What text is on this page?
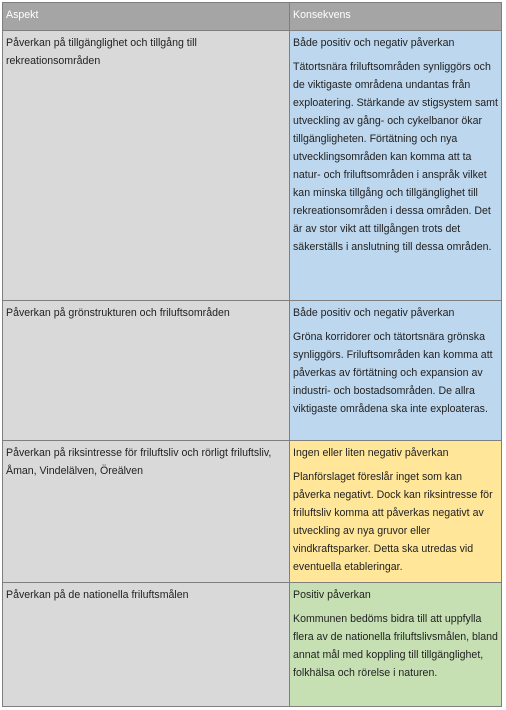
Aspekt	Konsekvens
Påverkan på tillgänglighet och tillgång till rekreationsområden	Både positiv och negativ påverkan
Tätortsnära friluftsområden synliggörs och de viktigaste områdena undantas från exploatering. Stärkande av stigsystem samt utveckling av gång- och cykelbanor ökar tillgängligheten. Förtätning och nya utvecklingsområden kan komma att ta natur- och friluftsområden i anspråk vilket kan minska tillgång och tillgänglighet till rekreationsområden i dessa områden. Det är av stor vikt att tillgången trots det säkerställs i anslutning till dessa områden.

Påverkan på grönstrukturen och friluftsområden	Både positiv och negativ påverkan
Gröna korridorer och tätortsnära grönska synliggörs. Friluftsområden kan komma att påverkas av förtätning och expansion av industri- och bostadsområden. De allra viktigaste områdena ska inte exploateras.

Påverkan på riksintresse för friluftsliv och rörligt friluftsliv, Åman, Vindelälven, Öreälven	Ingen eller liten negativ påverkan
Planförslaget föreslår inget som kan påverka negativt. Dock kan riksintresse för friluftsliv komma att påverkas negativt av utveckling av nya gruvor eller vindkraftsparker. Detta ska utredas vid eventuella etableringar.

Påverkan på de nationella friluftsmålen	Positiv påverkan
Kommunen bedöms bidra till att uppfylla flera av de nationella friluftslivsmålen, bland annat mål med koppling till tillgänglighet, folkhälsa och rörelse i naturen.
